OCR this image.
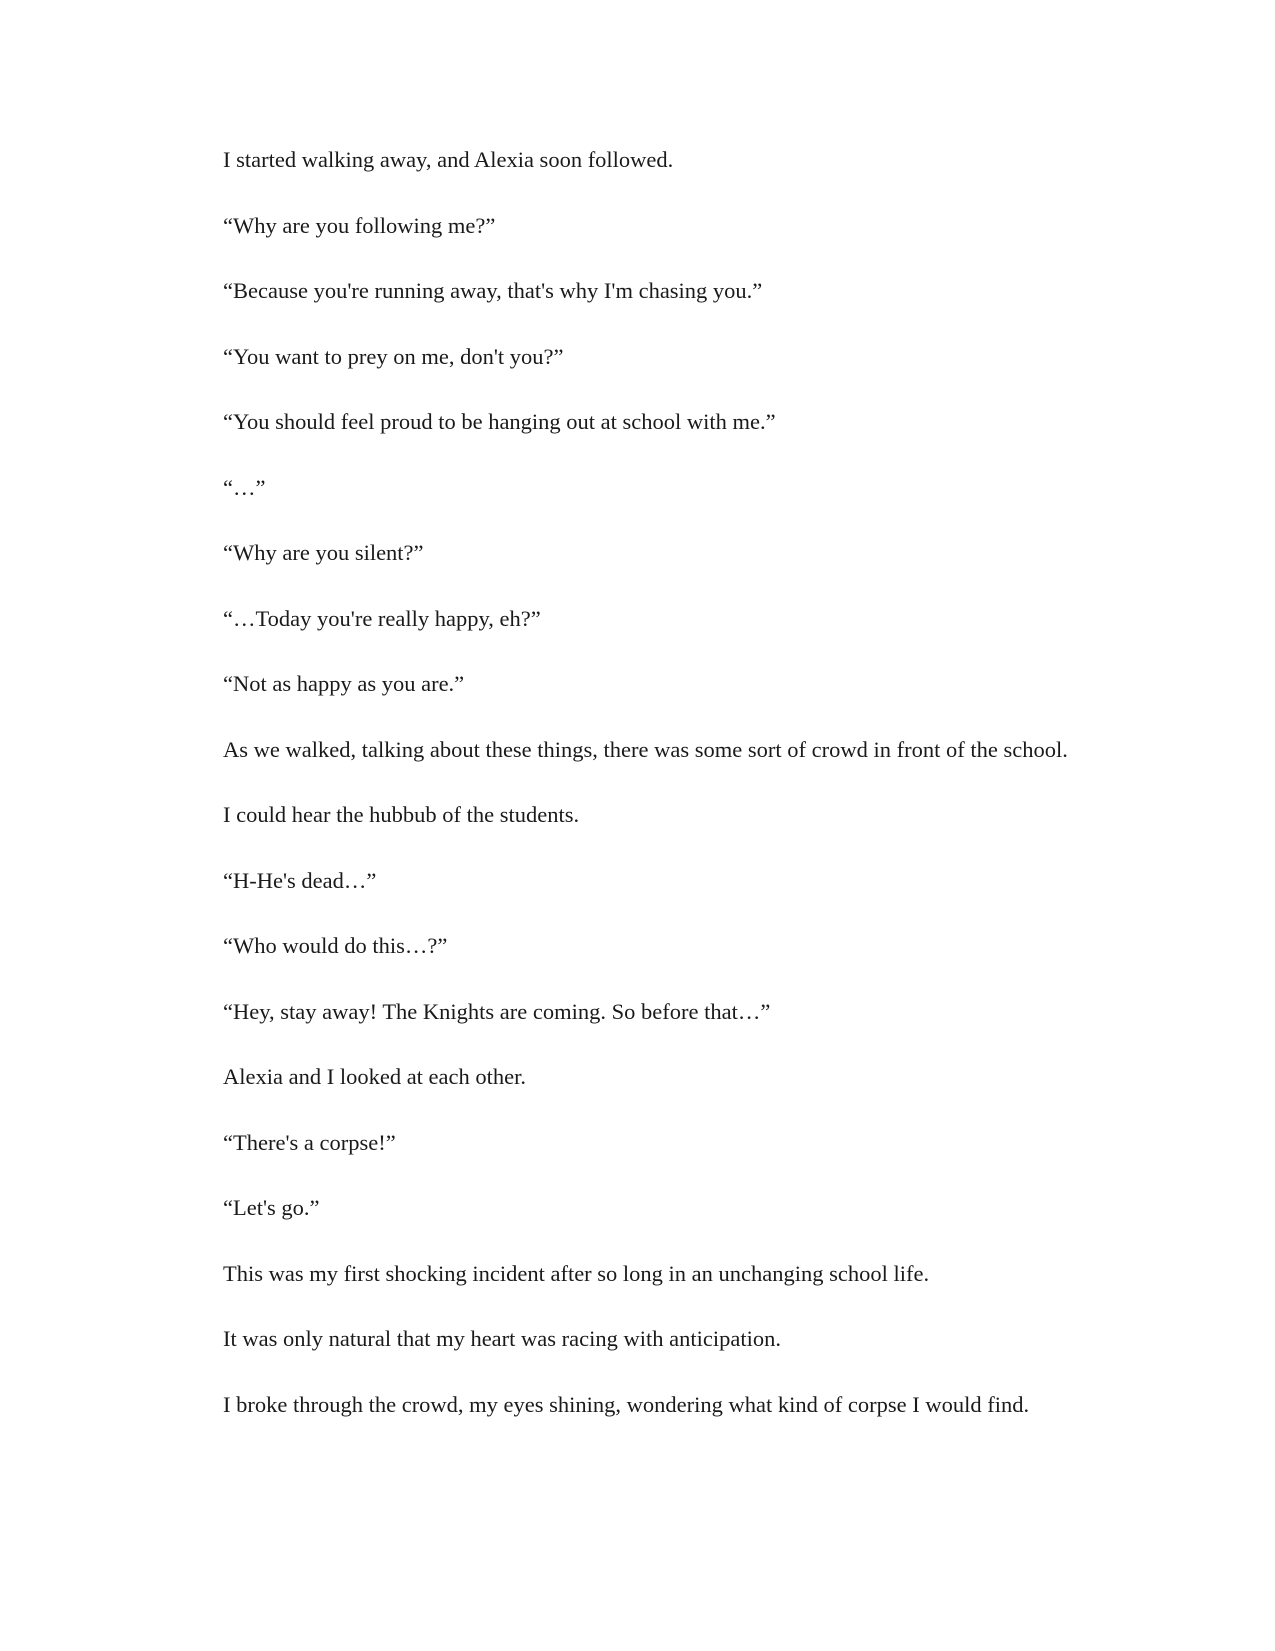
I started walking away, and Alexia soon followed.

“Why are you following me?”

“Because you're running away, that's why I'm chasing you.”

“You want to prey on me, don't you?”

“You should feel proud to be hanging out at school with me.”

“…”

“Why are you silent?”

“…Today you're really happy, eh?”

“Not as happy as you are.”

As we walked, talking about these things, there was some sort of crowd in front of the school.

I could hear the hubbub of the students.

“H-He's dead…”

“Who would do this…?”

“Hey, stay away! The Knights are coming. So before that…”

Alexia and I looked at each other.

“There's a corpse!”

“Let's go.”

This was my first shocking incident after so long in an unchanging school life.

It was only natural that my heart was racing with anticipation.

I broke through the crowd, my eyes shining, wondering what kind of corpse I would find.
